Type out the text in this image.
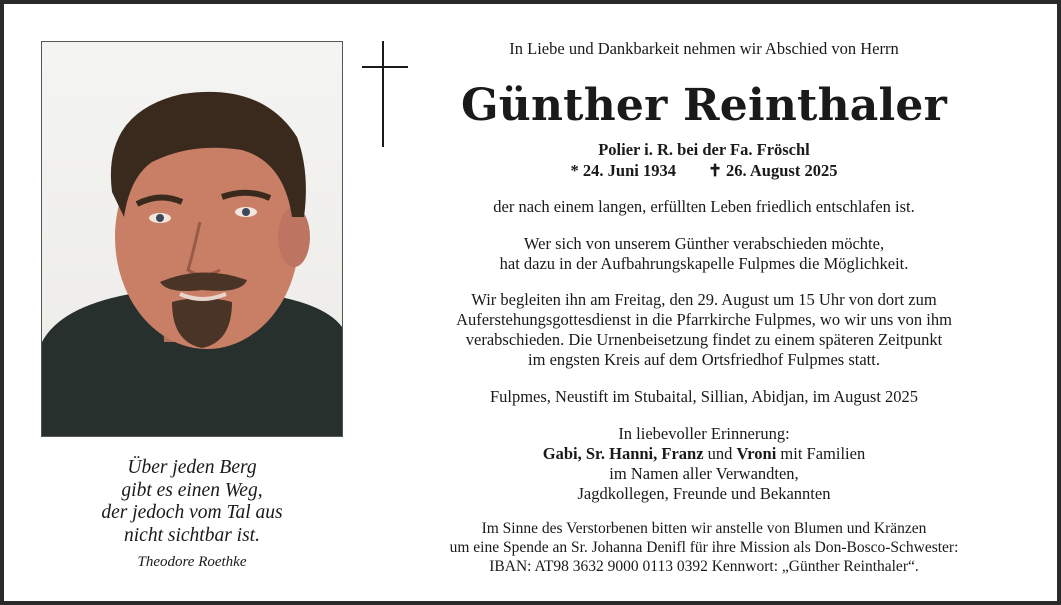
Über jeden Berg
gibt es einen Weg,
der jedoch vom Tal aus
nicht sichtbar ist.
Theodore Roethke
In Liebe und Dankbarkeit nehmen wir Abschied von Herrn
Günther Reinthaler
Polier i. R. bei der Fa. Fröschl
* 24. Juni 1934 ✝ 26. August 2025
der nach einem langen, erfüllten Leben friedlich entschlafen ist.
Wer sich von unserem Günther verabschieden möchte,
hat dazu in der Aufbahrungskapelle Fulpmes die Möglichkeit.
Wir begleiten ihn am Freitag, den 29. August um 15 Uhr von dort zum
Auferstehungsgottesdienst in die Pfarrkirche Fulpmes, wo wir uns von ihm
verabschieden. Die Urnenbeisetzung findet zu einem späteren Zeitpunkt
im engsten Kreis auf dem Ortsfriedhof Fulpmes statt.
Fulpmes, Neustift im Stubaital, Sillian, Abidjan, im August 2025
In liebevoller Erinnerung:
Gabi, Sr. Hanni, Franz und Vroni mit Familien
im Namen aller Verwandten,
Jagdkollegen, Freunde und Bekannten
Im Sinne des Verstorbenen bitten wir anstelle von Blumen und Kränzen
um eine Spende an Sr. Johanna Denifl für ihre Mission als Don-Bosco-Schwester:
IBAN: AT98 3632 9000 0113 0392 Kennwort: „Günther Reinthaler“.
